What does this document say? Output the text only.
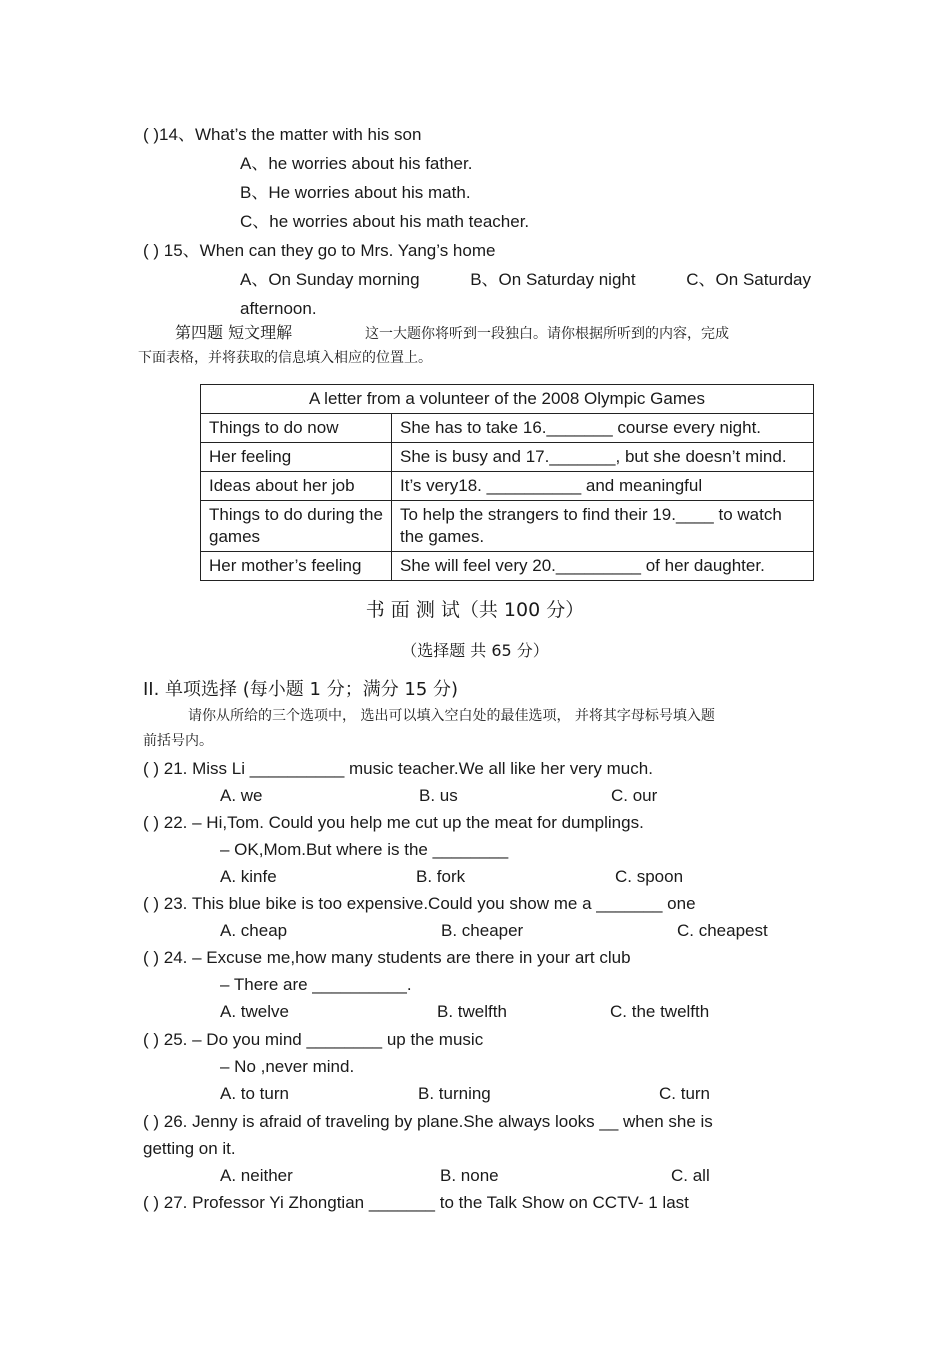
( )14、What’s the matter with his son
A、he worries about his father.
B、He worries about his math.
C、he worries about his math teacher.
( ) 15、When can they go to Mrs. Yang’s home
A、On Sunday morning	B、On Saturday night	C、On Saturday
afternoon.
第四题 短文理解	这一大题你将听到一段独白。请你根据所听到的内容，完成
下面表格，并将获取的信息填入相应的位置上。
A letter from a volunteer of the 2008 Olympic Games	
Things to do now	She has to take 16._______ course every night.
Her feeling	She is busy and 17._______, but she doesn’t mind.
Ideas about her job	It’s very18. __________ and meaningful
Things to do during the games	To help the strangers to find their 19.____ to watch the games.
Her mother’s feeling	She will feel very 20._________ of her daughter.
书 面 测 试（共 100 分）
（选择题 共 65 分）
II. 单项选择 (每小题 1 分；满分 15 分)
请你从所给的三个选项中， 选出可以填入空白处的最佳选项， 并将其字母标号填入题
前括号内。
( ) 21. Miss Li __________ music teacher.We all like her very much.
A. we	B. us	C. our
( ) 22. – Hi,Tom. Could you help me cut up the meat for dumplings.
– OK,Mom.But where is the ________
A. kinfe	B. fork	C. spoon
( ) 23. This blue bike is too expensive.Could you show me a _______ one
A. cheap	B. cheaper	C. cheapest
( ) 24. – Excuse me,how many students are there in your art club
– There are __________.
A. twelve	B. twelfth	C. the twelfth
( ) 25. – Do you mind ________ up the music
– No ,never mind.
A. to turn	B. turning	C. turn
( ) 26. Jenny is afraid of traveling by plane.She always looks __ when she is
getting on it.
A. neither	B. none	C. all
( ) 27. Professor Yi Zhongtian _______ to the Talk Show on CCTV- 1 last
